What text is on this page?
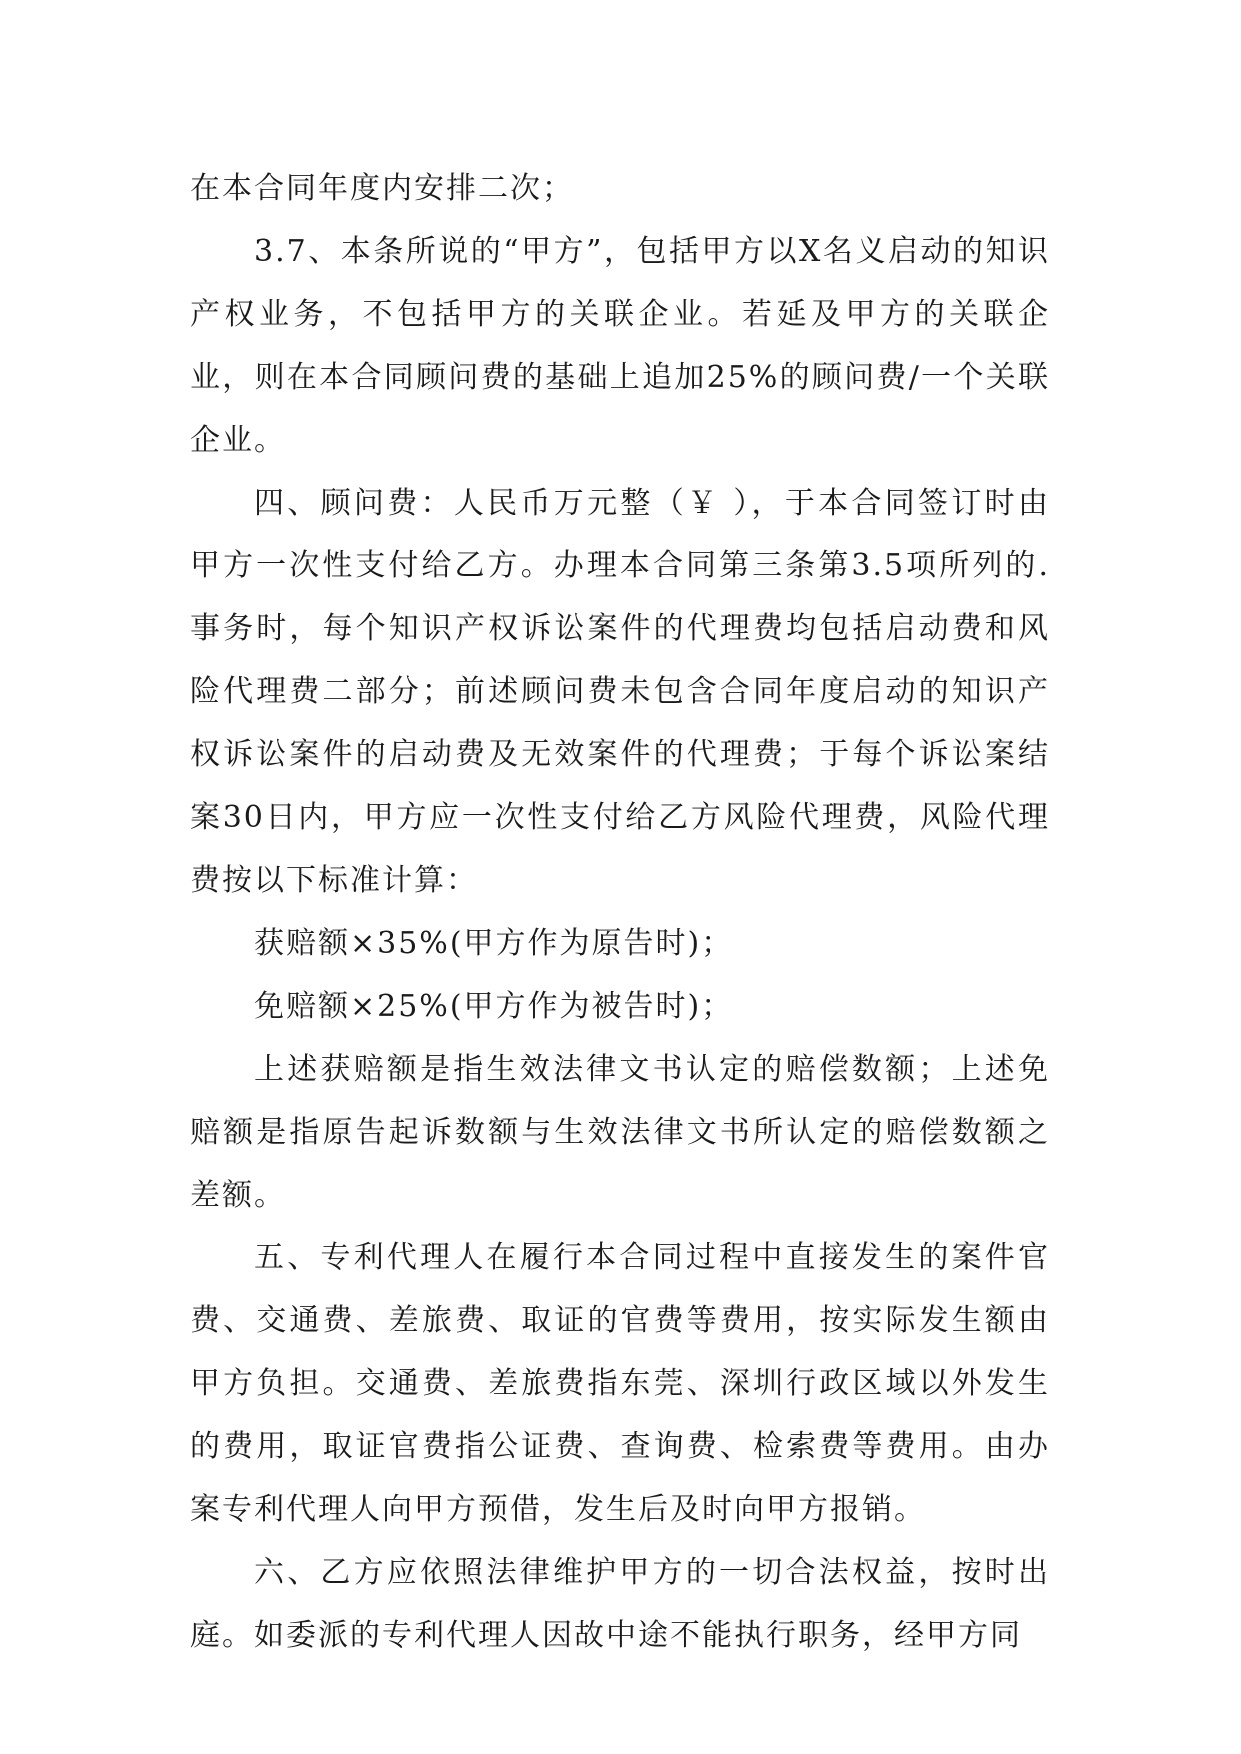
在本合同年度内安排二次；

3.7、本条所说的“甲方”，包括甲方以X名义启动的知识产权业务，不包括甲方的关联企业。若延及甲方的关联企业，则在本合同顾问费的基础上追加25%的顾问费/一个关联企业。

四、顾问费：人民币万元整（￥ ），于本合同签订时由甲方一次性支付给乙方。办理本合同第三条第3.5项所列的.事务时，每个知识产权诉讼案件的代理费均包括启动费和风险代理费二部分；前述顾问费未包含合同年度启动的知识产权诉讼案件的启动费及无效案件的代理费；于每个诉讼案结案30日内，甲方应一次性支付给乙方风险代理费，风险代理费按以下标准计算：

获赔额×35%(甲方作为原告时)；

免赔额×25%(甲方作为被告时)；

上述获赔额是指生效法律文书认定的赔偿数额；上述免赔额是指原告起诉数额与生效法律文书所认定的赔偿数额之差额。

五、专利代理人在履行本合同过程中直接发生的案件官费、交通费、差旅费、取证的官费等费用，按实际发生额由甲方负担。交通费、差旅费指东莞、深圳行政区域以外发生的费用，取证官费指公证费、查询费、检索费等费用。由办案专利代理人向甲方预借，发生后及时向甲方报销。

六、乙方应依照法律维护甲方的一切合法权益，按时出庭。如委派的专利代理人因故中途不能执行职务，经甲方同
